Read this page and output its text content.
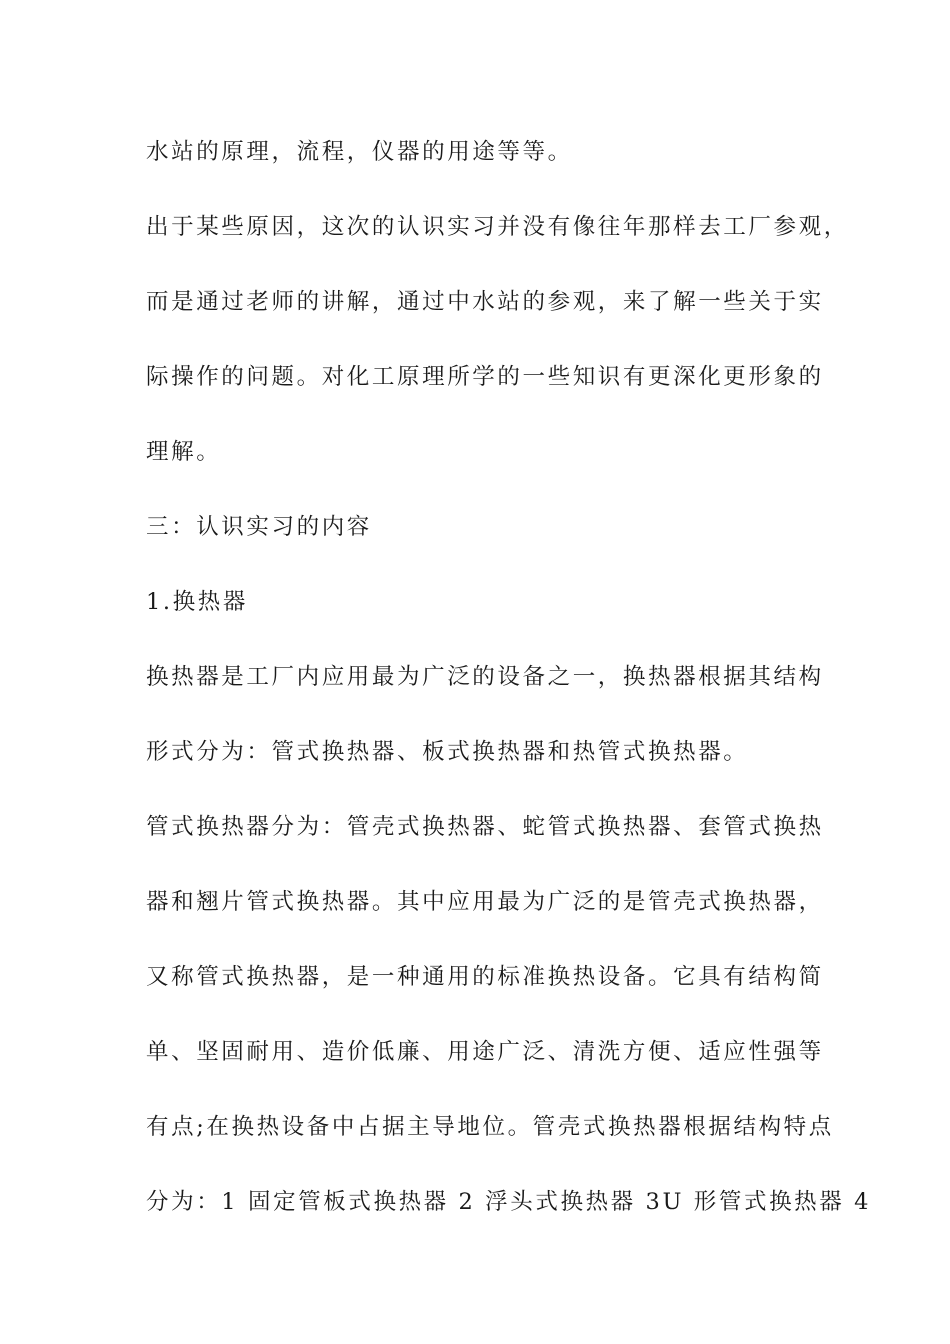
水站的原理，流程，仪器的用途等等。
出于某些原因，这次的认识实习并没有像往年那样去工厂参观，
而是通过老师的讲解，通过中水站的参观，来了解一些关于实
际操作的问题。对化工原理所学的一些知识有更深化更形象的
理解。
三：认识实习的内容
1.换热器
换热器是工厂内应用最为广泛的设备之一，换热器根据其结构
形式分为：管式换热器、板式换热器和热管式换热器。
管式换热器分为：管壳式换热器、蛇管式换热器、套管式换热
器和翘片管式换热器。其中应用最为广泛的是管壳式换热器，
又称管式换热器，是一种通用的标准换热设备。它具有结构简
单、坚固耐用、造价低廉、用途广泛、清洗方便、适应性强等
有点;在换热设备中占据主导地位。管壳式换热器根据结构特点
分为：1 固定管板式换热器 2 浮头式换热器 3U 形管式换热器 4
